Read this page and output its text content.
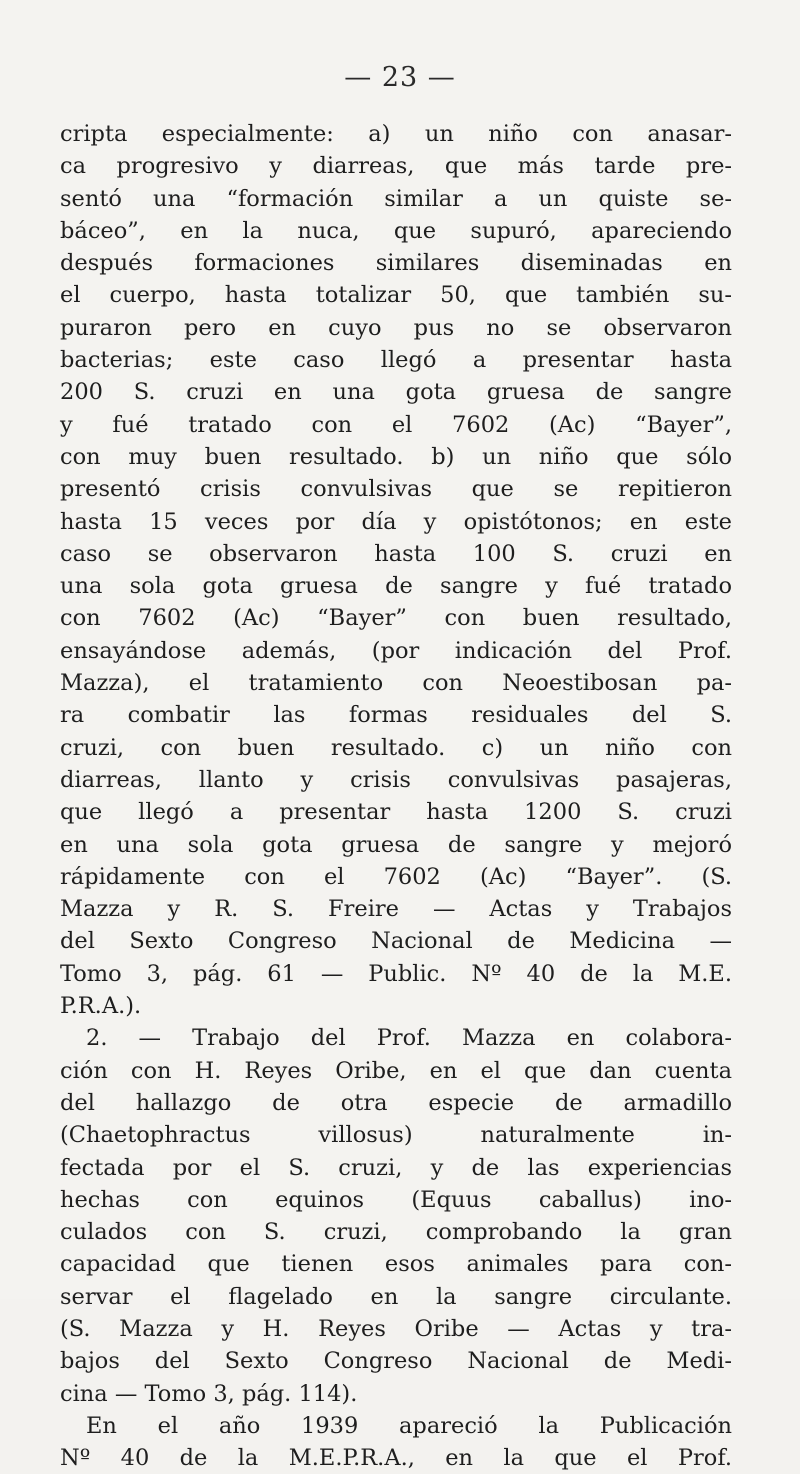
— 23 —
cripta especialmente: a) un niño con anasar-
ca progresivo y diarreas, que más tarde pre-
sentó una “formación similar a un quiste se-
báceo”, en la nuca, que supuró, apareciendo
después formaciones similares diseminadas en
el cuerpo, hasta totalizar 50, que también su-
puraron pero en cuyo pus no se observaron
bacterias; este caso llegó a presentar hasta
200 S. cruzi en una gota gruesa de sangre
y fué tratado con el 7602 (Ac) “Bayer”,
con muy buen resultado. b) un niño que sólo
presentó crisis convulsivas que se repitieron
hasta 15 veces por día y opistótonos; en este
caso se observaron hasta 100 S. cruzi en
una sola gota gruesa de sangre y fué tratado
con 7602 (Ac) “Bayer” con buen resultado,
ensayándose además, (por indicación del Prof.
Mazza), el tratamiento con Neoestibosan pa-
ra combatir las formas residuales del S.
cruzi, con buen resultado. c) un niño con
diarreas, llanto y crisis convulsivas pasajeras,
que llegó a presentar hasta 1200 S. cruzi
en una sola gota gruesa de sangre y mejoró
rápidamente con el 7602 (Ac) “Bayer”. (S.
Mazza y R. S. Freire — Actas y Trabajos
del Sexto Congreso Nacional de Medicina —
Tomo 3, pág. 61 — Public. Nº 40 de la M.E.
P.R.A.).
2. — Trabajo del Prof. Mazza en colabora-
ción con H. Reyes Oribe, en el que dan cuenta
del hallazgo de otra especie de armadillo
(Chaetophractus villosus) naturalmente in-
fectada por el S. cruzi, y de las experiencias
hechas con equinos (Equus caballus) ino-
culados con S. cruzi, comprobando la gran
capacidad que tienen esos animales para con-
servar el flagelado en la sangre circulante.
(S. Mazza y H. Reyes Oribe — Actas y tra-
bajos del Sexto Congreso Nacional de Medi-
cina — Tomo 3, pág. 114).
En el año 1939 apareció la Publicación
Nº 40 de la M.E.P.R.A., en la que el Prof.
